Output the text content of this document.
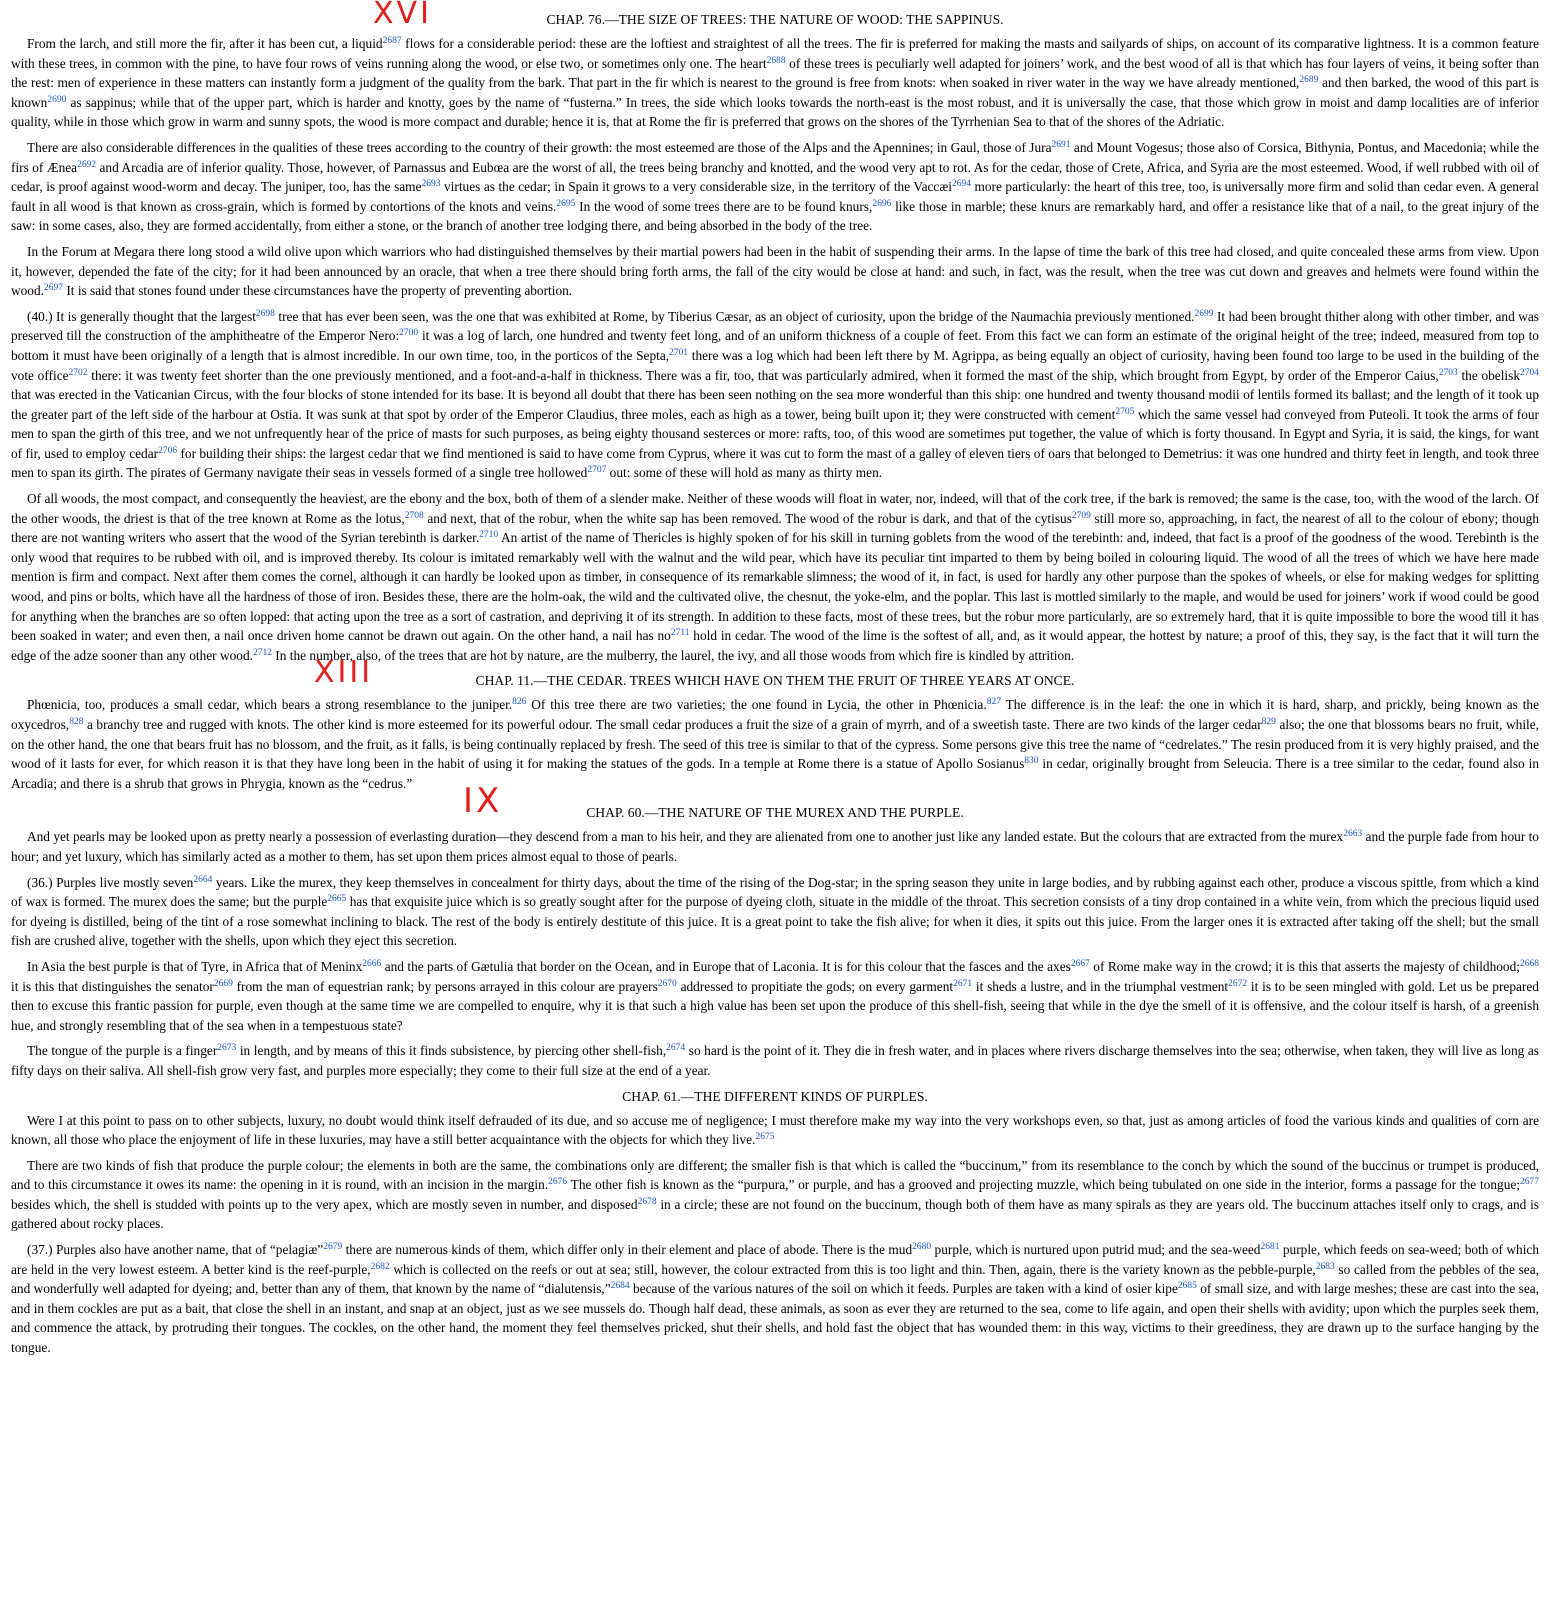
XVI	CHAP. 76.—THE SIZE OF TREES: THE NATURE OF WOOD: THE SAPPINUS.

From the larch, and still more the fir, after it has been cut, a liquid$^{2687}$ flows for a considerable period: these are the loftiest and straightest of all the trees. The fir is preferred for making the masts and sailyards of ships, on account of its comparative lightness. It is a common feature with these trees, in common with the pine, to have four rows of veins running along the wood, or else two, or sometimes only one. The heart$^{2688}$ of these trees is peculiarly well adapted for joiners’ work, and the best wood of all is that which has four layers of veins, it being softer than the rest: men of experience in these matters can instantly form a judgment of the quality from the bark. That part in the fir which is nearest to the ground is free from knots: when soaked in river water in the way we have already mentioned,$^{2689}$ and then barked, the wood of this part is known$^{2690}$ as sappinus; while that of the upper part, which is harder and knotty, goes by the name of “fusterna.” In trees, the side which looks towards the north-east is the most robust, and it is universally the case, that those which grow in moist and damp localities are of inferior quality, while in those which grow in warm and sunny spots, the wood is more compact and durable; hence it is, that at Rome the fir is preferred that grows on the shores of the Tyrrhenian Sea to that of the shores of the Adriatic.

There are also considerable differences in the qualities of these trees according to the country of their growth: the most esteemed are those of the Alps and the Apennines; in Gaul, those of Jura$^{2691}$ and Mount Vogesus; those also of Corsica, Bithynia, Pontus, and Macedonia; while the firs of Ænea$^{2692}$ and Arcadia are of inferior quality. Those, however, of Parnassus and Eubœa are the worst of all, the trees being branchy and knotted, and the wood very apt to rot. As for the cedar, those of Crete, Africa, and Syria are the most esteemed. Wood, if well rubbed with oil of cedar, is proof against wood-worm and decay. The juniper, too, has the same$^{2693}$ virtues as the cedar; in Spain it grows to a very considerable size, in the territory of the Vaccæi$^{2694}$ more particularly: the heart of this tree, too, is universally more firm and solid than cedar even. A general fault in all wood is that known as cross-grain, which is formed by contortions of the knots and veins.$^{2695}$ In the wood of some trees there are to be found knurs,$^{2696}$ like those in marble; these knurs are remarkably hard, and offer a resistance like that of a nail, to the great injury of the saw: in some cases, also, they are formed accidentally, from either a stone, or the branch of another tree lodging there, and being absorbed in the body of the tree.

In the Forum at Megara there long stood a wild olive upon which warriors who had distinguished themselves by their martial powers had been in the habit of suspending their arms. In the lapse of time the bark of this tree had closed, and quite concealed these arms from view. Upon it, however, depended the fate of the city; for it had been announced by an oracle, that when a tree there should bring forth arms, the fall of the city would be close at hand: and such, in fact, was the result, when the tree was cut down and greaves and helmets were found within the wood.$^{2697}$ It is said that stones found under these circumstances have the property of preventing abortion.

(40.) It is generally thought that the largest$^{2698}$ tree that has ever been seen, was the one that was exhibited at Rome, by Tiberius Cæsar, as an object of curiosity, upon the bridge of the Naumachia previously mentioned.$^{2699}$ It had been brought thither along with other timber, and was preserved till the construction of the amphitheatre of the Emperor Nero:$^{2700}$ it was a log of larch, one hundred and twenty feet long, and of an uniform thickness of a couple of feet. From this fact we can form an estimate of the original height of the tree; indeed, measured from top to bottom it must have been originally of a length that is almost incredible. In our own time, too, in the porticos of the Septa,$^{2701}$ there was a log which had been left there by M. Agrippa, as being equally an object of curiosity, having been found too large to be used in the building of the vote office$^{2702}$ there: it was twenty feet shorter than the one previously mentioned, and a foot-and-a-half in thickness. There was a fir, too, that was particularly admired, when it formed the mast of the ship, which brought from Egypt, by order of the Emperor Caius,$^{2703}$ the obelisk$^{2704}$ that was erected in the Vaticanian Circus, with the four blocks of stone intended for its base. It is beyond all doubt that there has been seen nothing on the sea more wonderful than this ship: one hundred and twenty thousand modii of lentils formed its ballast; and the length of it took up the greater part of the left side of the harbour at Ostia. It was sunk at that spot by order of the Emperor Claudius, three moles, each as high as a tower, being built upon it; they were constructed with cement$^{2705}$ which the same vessel had conveyed from Puteoli. It took the arms of four men to span the girth of this tree, and we not unfrequently hear of the price of masts for such purposes, as being eighty thousand sesterces or more: rafts, too, of this wood are sometimes put together, the value of which is forty thousand. In Egypt and Syria, it is said, the kings, for want of fir, used to employ cedar$^{2706}$ for building their ships: the largest cedar that we find mentioned is said to have come from Cyprus, where it was cut to form the mast of a galley of eleven tiers of oars that belonged to Demetrius: it was one hundred and thirty feet in length, and took three men to span its girth. The pirates of Germany navigate their seas in vessels formed of a single tree hollowed$^{2707}$ out: some of these will hold as many as thirty men.

Of all woods, the most compact, and consequently the heaviest, are the ebony and the box, both of them of a slender make. Neither of these woods will float in water, nor, indeed, will that of the cork tree, if the bark is removed; the same is the case, too, with the wood of the larch. Of the other woods, the driest is that of the tree known at Rome as the lotus,$^{2708}$ and next, that of the robur, when the white sap has been removed. The wood of the robur is dark, and that of the cytisus$^{2709}$ still more so, approaching, in fact, the nearest of all to the colour of ebony; though there are not wanting writers who assert that the wood of the Syrian terebinth is darker.$^{2710}$ An artist of the name of Thericles is highly spoken of for his skill in turning goblets from the wood of the terebinth: and, indeed, that fact is a proof of the goodness of the wood. Terebinth is the only wood that requires to be rubbed with oil, and is improved thereby. Its colour is imitated remarkably well with the walnut and the wild pear, which have its peculiar tint imparted to them by being boiled in colouring liquid. The wood of all the trees of which we have here made mention is firm and compact. Next after them comes the cornel, although it can hardly be looked upon as timber, in consequence of its remarkable slimness; the wood of it, in fact, is used for hardly any other purpose than the spokes of wheels, or else for making wedges for splitting wood, and pins or bolts, which have all the hardness of those of iron. Besides these, there are the holm-oak, the wild and the cultivated olive, the chesnut, the yoke-elm, and the poplar. This last is mottled similarly to the maple, and would be used for joiners’ work if wood could be good for anything when the branches are so often lopped: that acting upon the tree as a sort of castration, and depriving it of its strength. In addition to these facts, most of these trees, but the robur more particularly, are so extremely hard, that it is quite impossible to bore the wood till it has been soaked in water; and even then, a nail once driven home cannot be drawn out again. On the other hand, a nail has no$^{2711}$ hold in cedar. The wood of the lime is the softest of all, and, as it would appear, the hottest by nature; a proof of this, they say, is the fact that it will turn the edge of the adze sooner than any other wood.$^{2712}$ In the number, also, of the trees that are hot by nature, are the mulberry, the laurel, the ivy, and all those woods from which fire is kindled by attrition.

XIII	CHAP. 11.—THE CEDAR. TREES WHICH HAVE ON THEM THE FRUIT OF THREE YEARS AT ONCE.

Phœnicia, too, produces a small cedar, which bears a strong resemblance to the juniper.$^{826}$ Of this tree there are two varieties; the one found in Lycia, the other in Phœnicia.$^{827}$ The difference is in the leaf: the one in which it is hard, sharp, and prickly, being known as the oxycedros,$^{828}$ a branchy tree and rugged with knots. The other kind is more esteemed for its powerful odour. The small cedar produces a fruit the size of a grain of myrrh, and of a sweetish taste. There are two kinds of the larger cedar$^{829}$ also; the one that blossoms bears no fruit, while, on the other hand, the one that bears fruit has no blossom, and the fruit, as it falls, is being continually replaced by fresh. The seed of this tree is similar to that of the cypress. Some persons give this tree the name of “cedrelates.” The resin produced from it is very highly praised, and the wood of it lasts for ever, for which reason it is that they have long been in the habit of using it for making the statues of the gods. In a temple at Rome there is a statue of Apollo Sosianus$^{830}$ in cedar, originally brought from Seleucia. There is a tree similar to the cedar, found also in Arcadia; and there is a shrub that grows in Phrygia, known as the “cedrus.”	IX	CHAP. 60.—THE NATURE OF THE MUREX AND THE PURPLE.

And yet pearls may be looked upon as pretty nearly a possession of everlasting duration—they descend from a man to his heir, and they are alienated from one to another just like any landed estate. But the colours that are extracted from the murex$^{2663}$ and the purple fade from hour to hour; and yet luxury, which has similarly acted as a mother to them, has set upon them prices almost equal to those of pearls.

(36.) Purples live mostly seven$^{2664}$ years. Like the murex, they keep themselves in concealment for thirty days, about the time of the rising of the Dog-star; in the spring season they unite in large bodies, and by rubbing against each other, produce a viscous spittle, from which a kind of wax is formed. The murex does the same; but the purple$^{2665}$ has that exquisite juice which is so greatly sought after for the purpose of dyeing cloth, situate in the middle of the throat. This secretion consists of a tiny drop contained in a white vein, from which the precious liquid used for dyeing is distilled, being of the tint of a rose somewhat inclining to black. The rest of the body is entirely destitute of this juice. It is a great point to take the fish alive; for when it dies, it spits out this juice. From the larger ones it is extracted after taking off the shell; but the small fish are crushed alive, together with the shells, upon which they eject this secretion.

In Asia the best purple is that of Tyre, in Africa that of Meninx$^{2666}$ and the parts of Gætulia that border on the Ocean, and in Europe that of Laconia. It is for this colour that the fasces and the axes$^{2667}$ of Rome make way in the crowd; it is this that asserts the majesty of childhood;$^{2668}$ it is this that distinguishes the senator$^{2669}$ from the man of equestrian rank; by persons arrayed in this colour are prayers$^{2670}$ addressed to propitiate the gods; on every garment$^{2671}$ it sheds a lustre, and in the triumphal vestment$^{2672}$ it is to be seen mingled with gold. Let us be prepared then to excuse this frantic passion for purple, even though at the same time we are compelled to enquire, why it is that such a high value has been set upon the produce of this shell-fish, seeing that while in the dye the smell of it is offensive, and the colour itself is harsh, of a greenish hue, and strongly resembling that of the sea when in a tempestuous state?

The tongue of the purple is a finger$^{2673}$ in length, and by means of this it finds subsistence, by piercing other shell-fish,$^{2674}$ so hard is the point of it. They die in fresh water, and in places where rivers discharge themselves into the sea; otherwise, when taken, they will live as long as fifty days on their saliva. All shell-fish grow very fast, and purples more especially; they come to their full size at the end of a year.

CHAP. 61.—THE DIFFERENT KINDS OF PURPLES.

Were I at this point to pass on to other subjects, luxury, no doubt would think itself defrauded of its due, and so accuse me of negligence; I must therefore make my way into the very workshops even, so that, just as among articles of food the various kinds and qualities of corn are known, all those who place the enjoyment of life in these luxuries, may have a still better acquaintance with the objects for which they live.$^{2675}$

There are two kinds of fish that produce the purple colour; the elements in both are the same, the combinations only are different; the smaller fish is that which is called the “buccinum,” from its resemblance to the conch by which the sound of the buccinus or trumpet is produced, and to this circumstance it owes its name: the opening in it is round, with an incision in the margin.$^{2676}$ The other fish is known as the “purpura,” or purple, and has a grooved and projecting muzzle, which being tubulated on one side in the interior, forms a passage for the tongue;$^{2677}$ besides which, the shell is studded with points up to the very apex, which are mostly seven in number, and disposed$^{2678}$ in a circle; these are not found on the buccinum, though both of them have as many spirals as they are years old. The buccinum attaches itself only to crags, and is gathered about rocky places.

(37.) Purples also have another name, that of “pelagiæ”$^{2679}$ there are numerous kinds of them, which differ only in their element and place of abode. There is the mud$^{2680}$ purple, which is nurtured upon putrid mud; and the sea-weed$^{2681}$ purple, which feeds on sea-weed; both of which are held in the very lowest esteem. A better kind is the reef-purple,$^{2682}$ which is collected on the reefs or out at sea; still, however, the colour extracted from this is too light and thin. Then, again, there is the variety known as the pebble-purple,$^{2683}$ so called from the pebbles of the sea, and wonderfully well adapted for dyeing; and, better than any of them, that known by the name of “dialutensis,”$^{2684}$ because of the various natures of the soil on which it feeds. Purples are taken with a kind of osier kipe$^{2685}$ of small size, and with large meshes; these are cast into the sea, and in them cockles are put as a bait, that close the shell in an instant, and snap at an object, just as we see mussels do. Though half dead, these animals, as soon as ever they are returned to the sea, come to life again, and open their shells with avidity; upon which the purples seek them, and commence the attack, by protruding their tongues. The cockles, on the other hand, the moment they feel themselves pricked, shut their shells, and hold fast the object that has wounded them: in this way, victims to their greediness, they are drawn up to the surface hanging by the tongue.
